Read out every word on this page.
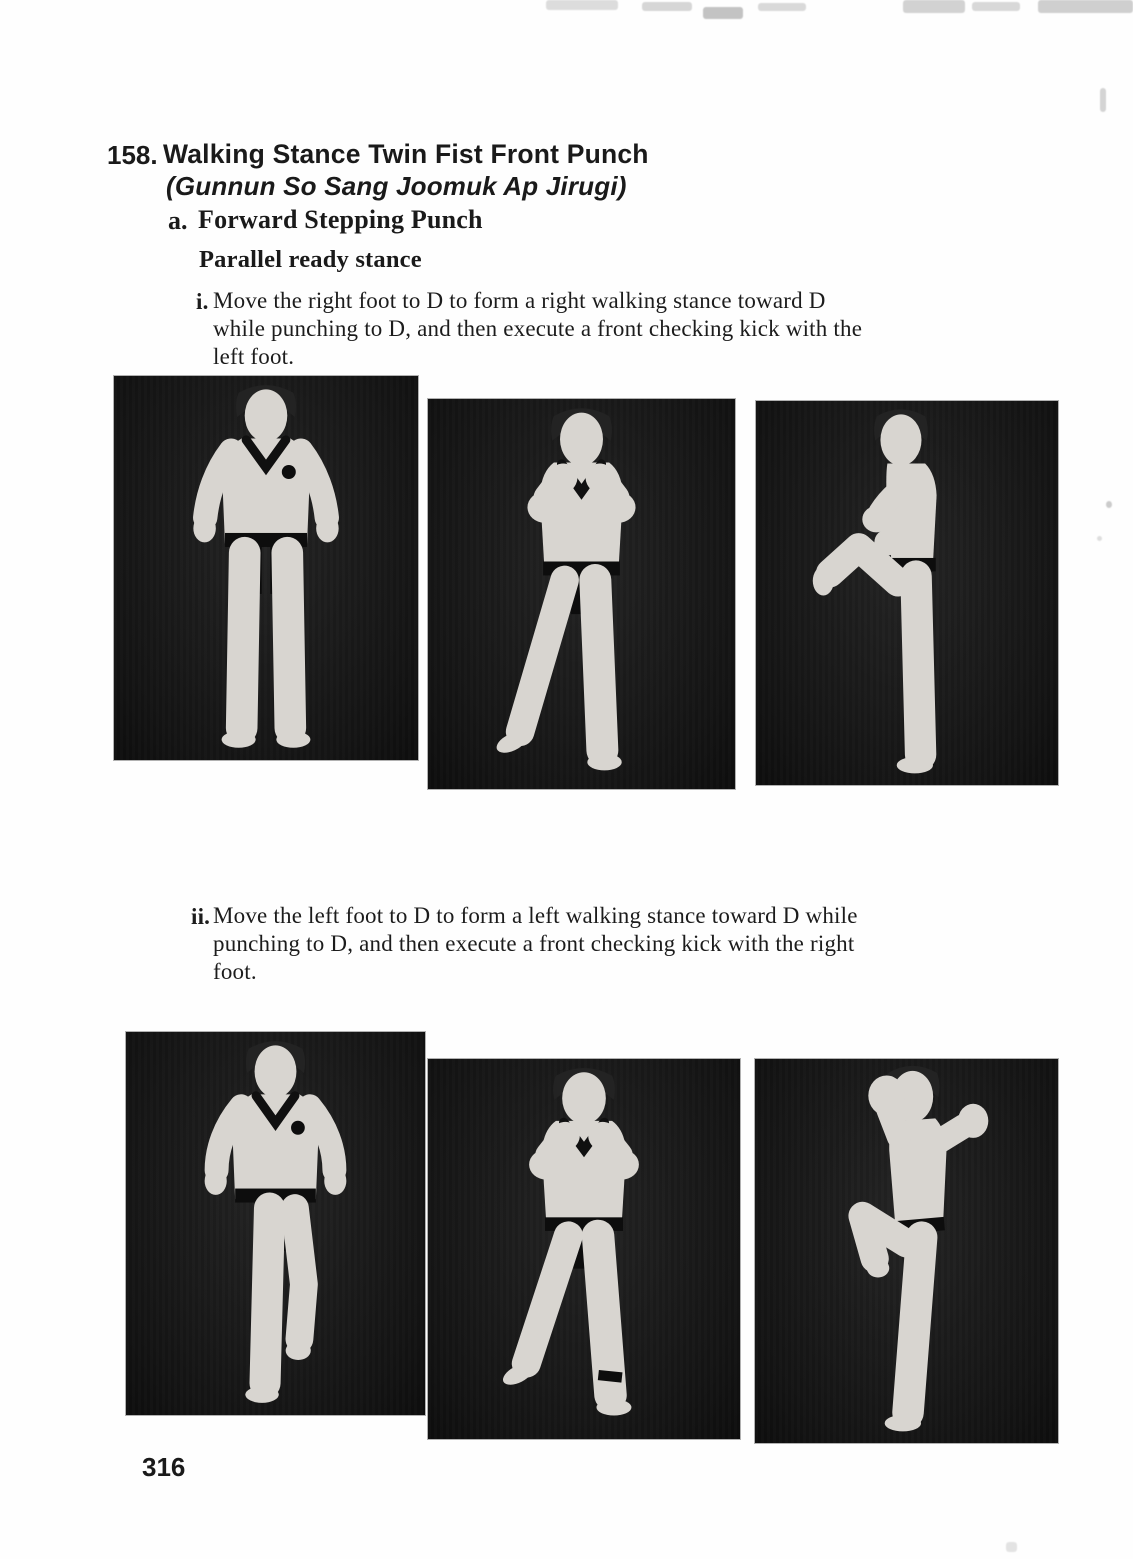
158. Walking Stance Twin Fist Front Punch
(Gunnun So Sang Joomuk Ap Jirugi)
a. Forward Stepping Punch
Parallel ready stance
i. Move the right foot to D to form a right walking stance toward D
while punching to D, and then execute a front checking kick with the
left foot.
ii. Move the left foot to D to form a left walking stance toward D while
punching to D, and then execute a front checking kick with the right
foot.
316
